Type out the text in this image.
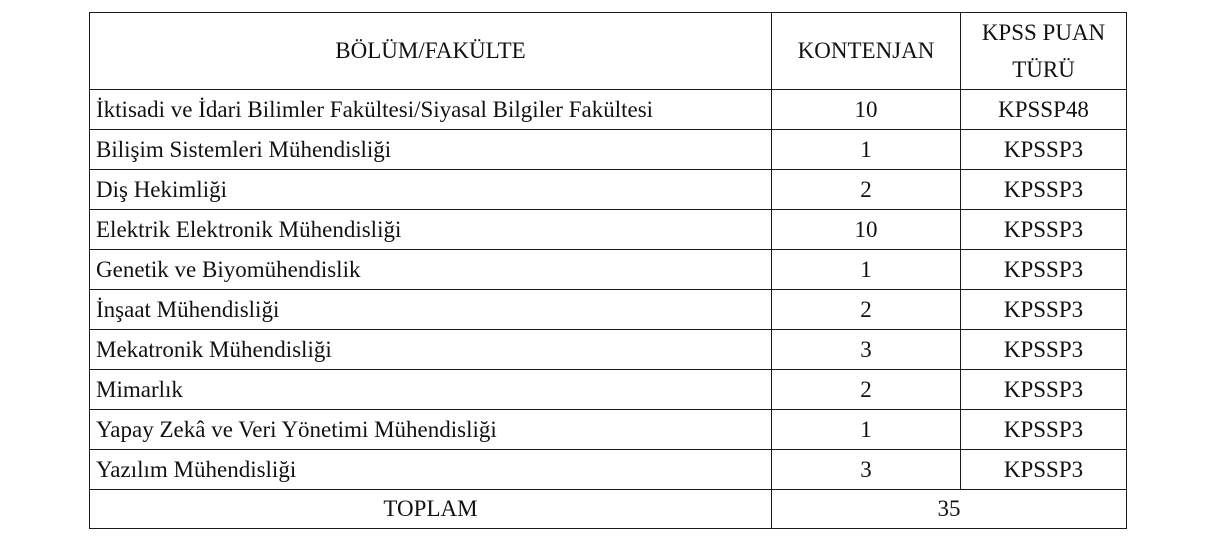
BÖLÜM/FAKÜLTE	KONTENJAN	KPSS PUAN
TÜRÜ

İktisadi ve İdari Bilimler Fakültesi/Siyasal Bilgiler Fakültesi	10	KPSSP48
Bilişim Sistemleri Mühendisliği	1	KPSSP3
Diş Hekimliği	2	KPSSP3
Elektrik Elektronik Mühendisliği	10	KPSSP3
Genetik ve Biyomühendislik	1	KPSSP3
İnşaat Mühendisliği	2	KPSSP3
Mekatronik Mühendisliği	3	KPSSP3
Mimarlık	2	KPSSP3
Yapay Zekâ ve Veri Yönetimi Mühendisliği	1	KPSSP3
Yazılım Mühendisliği	3	KPSSP3
TOPLAM	35	
